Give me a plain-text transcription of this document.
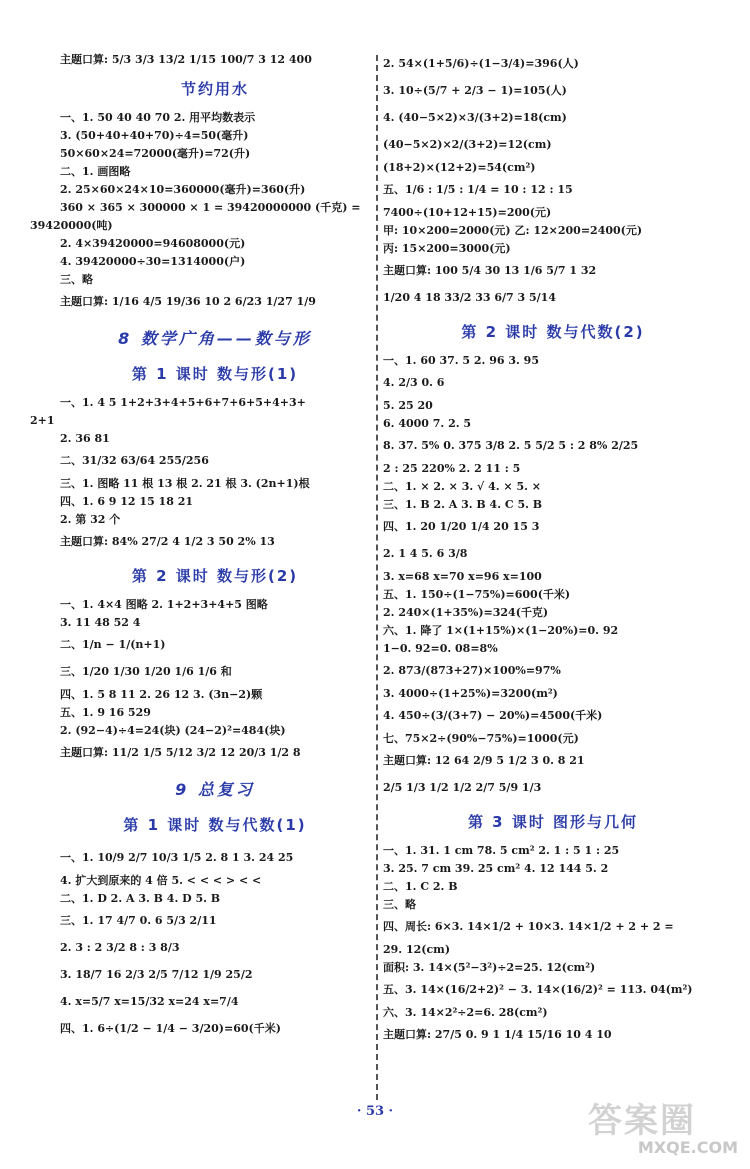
主题口算: 5/3 3/3 13/2 1/15 100/7 3 12 400
节约用水
一、1. 50 40 40 70 2. 用平均数表示
3. (50+40+40+70)÷4=50(毫升)
50×60×24=72000(毫升)=72(升)
二、1. 画图略
2. 25×60×24×10=360000(毫升)=360(升)
360 × 365 × 300000 × 1 = 39420000000 (千克) =
39420000(吨)
2. 4×39420000=94608000(元)
4. 39420000÷30=1314000(户)
三、略
主题口算: 1/16 4/5 19/36 10 2 6/23 1/27 1/9
8 数学广角——数与形
第 1 课时 数与形(1)
一、1. 4 5 1+2+3+4+5+6+7+6+5+4+3+
2+1
2. 36 81
二、31/32 63/64 255/256
三、1. 图略 11 根 13 根 2. 21 根 3. (2n+1)根
四、1. 6 9 12 15 18 21
2. 第 32 个
主题口算: 84% 27/2 4 1/2 3 50 2% 13
第 2 课时 数与形(2)
一、1. 4×4 图略 2. 1+2+3+4+5 图略
3. 11 48 52 4
二、1/n − 1/(n+1)
三、1/20 1/30 1/20 1/6 1/6 和
四、1. 5 8 11 2. 26 12 3. (3n−2)颗
五、1. 9 16 529
2. (92−4)÷4=24(块) (24−2)²=484(块)
主题口算: 11/2 1/5 5/12 3/2 12 20/3 1/2 8
9 总复习
第 1 课时 数与代数(1)
一、1. 10/9 2/7 10/3 1/5 2. 8 1 3. 24 25
4. 扩大到原来的 4 倍 5. < < < > < <
二、1. D 2. A 3. B 4. D 5. B
三、1. 17 4/7 0. 6 5/3 2/11
2. 3 : 2 3/2 8 : 3 8/3
3. 18/7 16 2/3 2/5 7/12 1/9 25/2
4. x=5/7 x=15/32 x=24 x=7/4
四、1. 6÷(1/2 − 1/4 − 3/20)=60(千米)
2. 54×(1+5/6)÷(1−3/4)=396(人)
3. 10÷(5/7 + 2/3 − 1)=105(人)
4. (40−5×2)×3/(3+2)=18(cm)
(40−5×2)×2/(3+2)=12(cm)
(18+2)×(12+2)=54(cm²)
五、1/6 : 1/5 : 1/4 = 10 : 12 : 15
7400÷(10+12+15)=200(元)
甲: 10×200=2000(元) 乙: 12×200=2400(元)
丙: 15×200=3000(元)
主题口算: 100 5/4 30 13 1/6 5/7 1 32
1/20 4 18 33/2 33 6/7 3 5/14
第 2 课时 数与代数(2)
一、1. 60 37. 5 2. 96 3. 95
4. 2/3 0. 6
5. 25 20
6. 4000 7. 2. 5
8. 37. 5% 0. 375 3/8 2. 5 5/2 5 : 2 8% 2/25
2 : 25 220% 2. 2 11 : 5
二、1. × 2. × 3. √ 4. × 5. ×
三、1. B 2. A 3. B 4. C 5. B
四、1. 20 1/20 1/4 20 15 3
2. 1 4 5. 6 3/8
3. x=68 x=70 x=96 x=100
五、1. 150÷(1−75%)=600(千米)
2. 240×(1+35%)=324(千克)
六、1. 降了 1×(1+15%)×(1−20%)=0. 92
1−0. 92=0. 08=8%
2. 873/(873+27)×100%=97%
3. 4000÷(1+25%)=3200(m²)
4. 450÷(3/(3+7) − 20%)=4500(千米)
七、75×2÷(90%−75%)=1000(元)
主题口算: 12 64 2/9 5 1/2 3 0. 8 21
2/5 1/3 1/2 1/2 2/7 5/9 1/3
第 3 课时 图形与几何
一、1. 31. 1 cm 78. 5 cm² 2. 1 : 5 1 : 25
3. 25. 7 cm 39. 25 cm² 4. 12 144 5. 2
二、1. C 2. B
三、略
四、周长: 6×3. 14×1/2 + 10×3. 14×1/2 + 2 + 2 =
29. 12(cm)
面积: 3. 14×(5²−3²)÷2=25. 12(cm²)
五、3. 14×(16/2+2)² − 3. 14×(16/2)² = 113. 04(m²)
六、3. 14×2²÷2=6. 28(cm²)
主题口算: 27/5 0. 9 1 1/4 15/16 10 4 10
· 53 ·	答案圈
MXQE.COM
